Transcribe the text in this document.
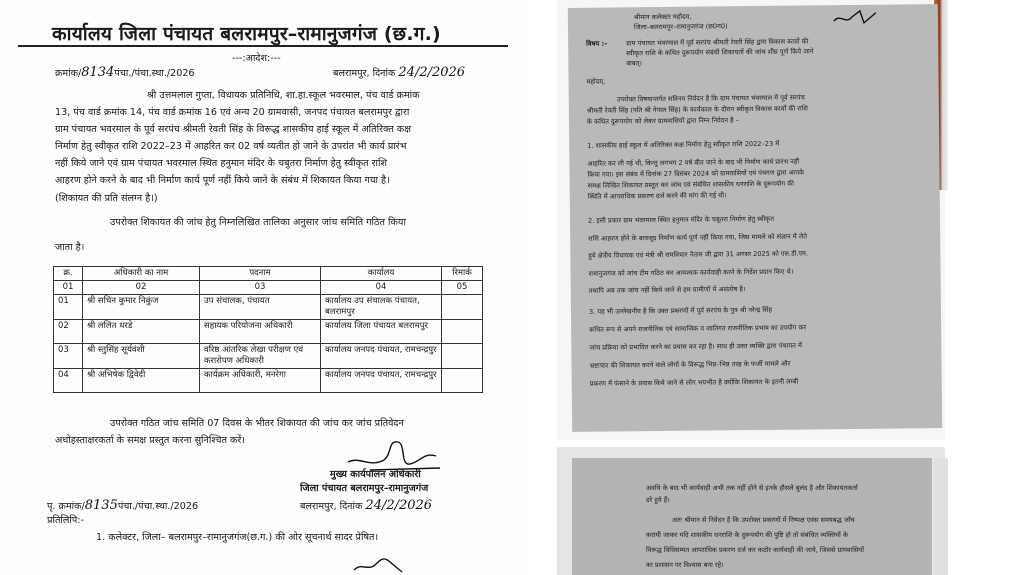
कार्यालय जिला पंचायत बलरामपुर–रामानुजगंज (छ.ग.)
---:आदेश:---
क्रमांक/8134पंचा./पंचा.स्था./2026	बलरामपुर, दिनांक 24/2/2026
श्री उत्तमलाल गुप्ता, विधायक प्रतिनिधि, शा.हा.स्कूल भवरमाल, पंच वार्ड क्रमांक
13, पंच वार्ड क्रमांक 14, पंच वार्ड क्रमांक 16 एवं अन्य 20 ग्रामवासी, जनपद पंचायत बलरामपुर द्वारा
ग्राम पंचायत भवरमाल के पूर्व सरपंच श्रीमती रेवती सिंह के विरूद्ध शासकीय हाई स्कूल में अतिरिक्त कक्ष
निर्माण हेतु स्वीकृत राशि 2022–23 में आहरित कर 02 वर्ष व्यतीत हो जाने के उपरांत भी कार्य प्रारंभ
नहीं किये जाने एवं ग्राम पंचायत भवरमाल स्थित हनुमान मंदिर के चबुतरा निर्माण हेतु स्वीकृत राशि
आहरण होने करने के बाद भी निर्माण कार्य पूर्ण नहीं किये जाने के संबंध में शिकायत किया गया है।
(शिकायत की प्रति संलग्न है।)
उपरोक्त शिकायत की जांच हेतु निम्नलिखित तालिका अनुसार जांच समिति गठित किया
जाता है।
क्र.	अधिकारी का नाम	पदनाम	कार्यालय	रिमार्क
01	02	03	04	05
01	श्री सचिन कुमार निकुंज	उप संचालक, पंचायत	कार्यालय उप संचालक पंचायत, बलरामपुर	
02	श्री ललित धरडे	सहायक परियोजना अधिकारी	कार्यालय जिला पंचायत बलरामपुर	
03	श्री स्तुसिंह सूर्यवंशी	वरिष्ठ आंतरिक लेखा परीक्षण एवं करारोपण अधिकारी	कार्यालय जनपद पंचायत, रामचन्द्रपुर	
04	श्री अभिषेक द्विवेदी	कार्यक्रम अधिकारी, मनरेगा	कार्यालय जनपद पंचायत, रामचन्द्रपुर	
उपरोक्त गठित जांच समिति 07 दिवस के भीतर शिकायत की जांच कर जांच प्रतिवेदन
अधोहस्ताक्षरकर्ता के समक्ष प्रस्तुत करना सुनिश्चित करें।
मुख्य कार्यपालन अधिकारी
जिला पंचायत बलरामपुर–रामानुजगंज
पृ. क्रमांक/8135पंचा./पंचा.स्था./2026	बलरामपुर, दिनांक 24/2/2026
प्रतिलिपि:-
1. कलेक्टर, जिला– बलरामपुर–रामानुजगंज(छ.ग.) की ओर सूचनार्थ सादर प्रेषित।
श्रीमान कलेक्टर महोदय,
जिला–बलरामपुर–रामानुजगंज (छ0ग0)
विषय :–	ग्राम पंचायत भंवरमाल में पूर्व सरपंच श्रीमती रेवती सिंह द्वारा विकास कार्यो की
स्वीकृत राशि के कथित दुरूपयोग संबंधी शिकायतों की जांच शीघ्र पूर्ण किये जाने
बाबत्।
महोदय,
उपरोक्त विषयान्तर्गत सविनय निवेदन है कि ग्राम पंचायत भंवरमाल में पूर्व सरपंच
श्रीमती रेवती सिंह (पति श्री नेपाल सिंह) के कार्यकाल के दौरान स्वीकृत विकास कार्यों की राशि
के कथित दुरूपयोग को लेकर ग्रामवासियों द्वारा निम्न निवेदन है –
1. शासकीय हाई स्कूल में अतिरिक्त कक्ष निर्माण हेतु स्वीकृत राशि 2022–23 में
आहरित कर ली गई थी, किन्तु लगभग 2 वर्ष बीत जाने के बाद भी निर्माण कार्य प्रारंभ नहीं
किया गया। इस संबंध में दिनांक 27 दिसंबर 2024 को ग्रामवासियों एवं पंचगण द्वारा आपके
समक्ष लिखित शिकायत प्रस्तुत कर जांच एवं संबंधित शासकीय धनराशि के दुरूपयोग की
स्थिति में आपराधिक प्रकरण दर्ज करने की मांग की गई थी।
2. इसी प्रकार ग्राम भंवरमाल स्थित हनुमान मंदिर के चबूतरा निर्माण हेतु स्वीकृत
राशि आहरण होने के बावजूद निर्माण कार्य पूर्ण नहीं किया गया, जिस मामले को संज्ञान में लेते
हुये क्षेत्रीय विधायक एवं मंत्री श्री रामविचार नेताम जी द्वारा 31 अगस्त 2025 को एस.डी.एम.
रामानुजगंज को जांच टीम गठित कर आवश्यक कार्यवाही करने के निर्देश प्रदान किए थे।
तथापि अब तक जांच नहीं किये जाने से हम ग्रामीणों में असंतोष है।
3. यह भी उल्लेखनीय है कि उक्त प्रकरणों में पूर्व सरपंच के पुत्र श्री नरेन्द्र सिंह
कथित रूप से अपने राजनीतिक एवं सामाजिक व जातिगत राजनीतिक प्रभाव का उपयोग कर
जांच प्रक्रिया को प्रभावित करने का प्रयास कर रहा है। साथ ही उक्त व्यक्ति द्वारा पंचायत में
भ्रष्टाचार की शिकायत करने वाले लोगों के विरूद्ध भिन्न–भिन्न तरह के फर्जी मामले और
प्रकरण में फंसाने के प्रयास किये जाने से लोग भयभीत है क्योंकि शिकायत के इतनी लम्बी
अवधि के बाद भी कार्यवाही अभी तक नहीं होने से इनके हौसले बुलंद है और शिकायतकर्ता
डरे हुये हैं।
अतः श्रीमान से निवेदन है कि उपरोक्त प्रकरणों में निष्पक्ष एवंस समयबद्ध जाँच
करायी जाकर यदि शासकीय धनराशि के दुरूपयोग की पुष्टि हो तो संबंधित व्यक्तियों के
विरूद्ध विधिसम्मत आपराधिक प्रकरण दर्ज कर कठोर कार्यवाही की जाये, जिससे ग्रामवासियों
का प्रशासन पर विश्वास बना रहे।
